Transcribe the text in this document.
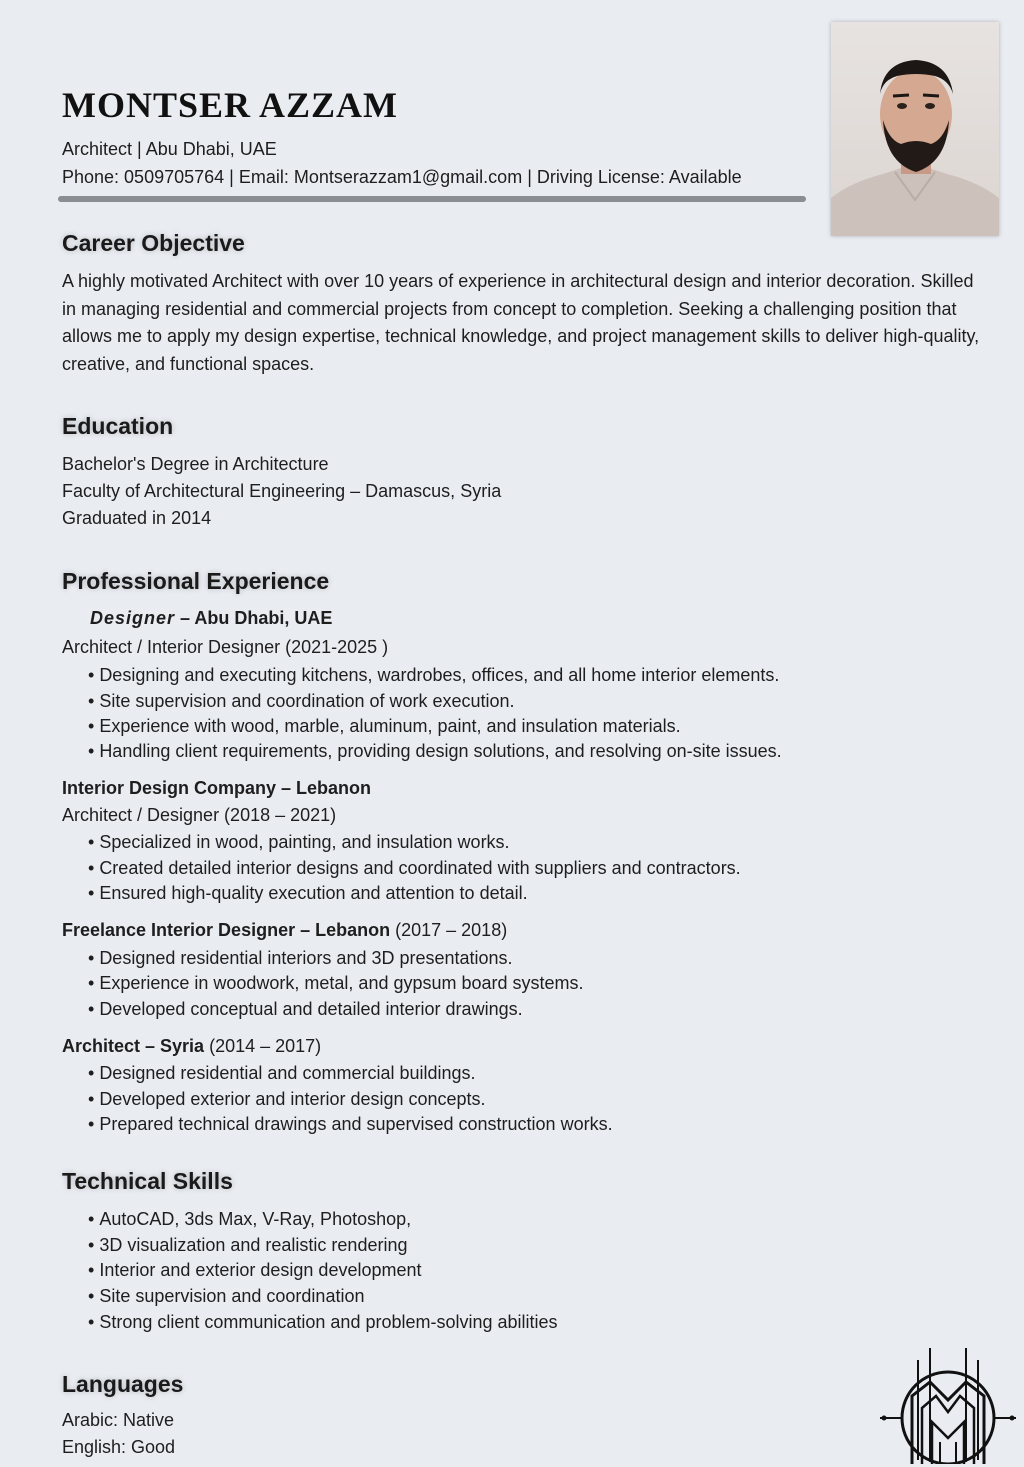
MONTSER AZZAM

Architect | Abu Dhabi, UAE

Phone: 0509705764 | Email: Montserazzam1@gmail.com | Driving License: Available

Career Objective

A highly motivated Architect with over 10 years of experience in architectural design and interior decoration. Skilled in managing residential and commercial projects from concept to completion. Seeking a challenging position that allows me to apply my design expertise, technical knowledge, and project management skills to deliver high-quality, creative, and functional spaces.

Education

Bachelor's Degree in Architecture

Faculty of Architectural Engineering – Damascus, Syria

Graduated in 2014

Professional Experience

Designer – Abu Dhabi, UAE

Architect / Interior Designer (2021-2025 )

• Designing and executing kitchens, wardrobes, offices, and all home interior elements.

• Site supervision and coordination of work execution.

• Experience with wood, marble, aluminum, paint, and insulation materials.

• Handling client requirements, providing design solutions, and resolving on-site issues.

Interior Design Company – Lebanon

Architect / Designer (2018 – 2021)

• Specialized in wood, painting, and insulation works.

• Created detailed interior designs and coordinated with suppliers and contractors.

• Ensured high-quality execution and attention to detail.

Freelance Interior Designer – Lebanon (2017 – 2018)

• Designed residential interiors and 3D presentations.

• Experience in woodwork, metal, and gypsum board systems.

• Developed conceptual and detailed interior drawings.

Architect – Syria (2014 – 2017)

• Designed residential and commercial buildings.

• Developed exterior and interior design concepts.

• Prepared technical drawings and supervised construction works.

Technical Skills

• AutoCAD, 3ds Max, V-Ray, Photoshop,

• 3D visualization and realistic rendering

• Interior and exterior design development

• Site supervision and coordination

• Strong client communication and problem-solving abilities

Languages

Arabic: Native

English: Good
